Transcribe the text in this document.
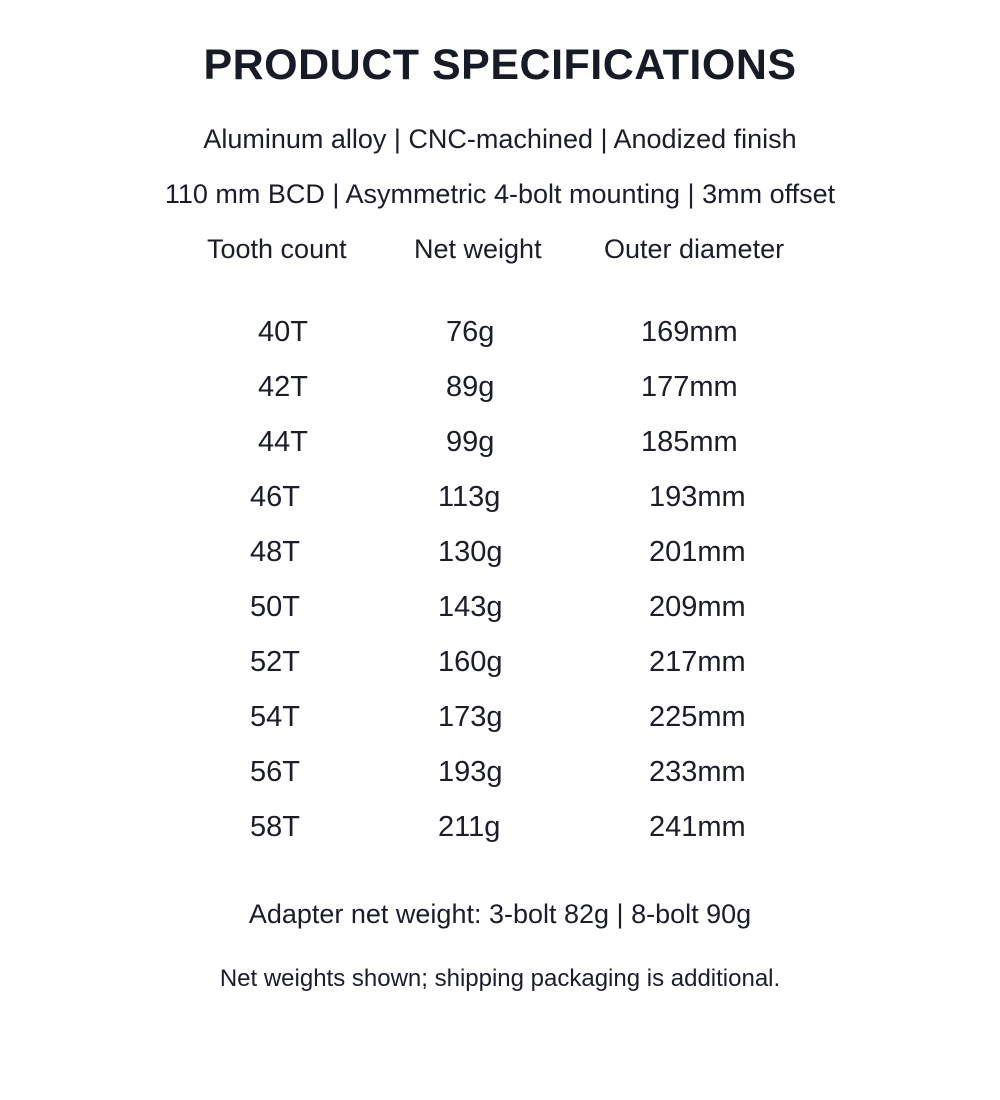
PRODUCT SPECIFICATIONS
Aluminum alloy | CNC-machined | Anodized finish
110 mm BCD | Asymmetric 4-bolt mounting | 3mm offset
Tooth count Net weight Outer diameter
40T	76g	169mm
42T	89g	177mm
44T	99g	185mm
46T	113g	193mm
48T	130g	201mm
50T	143g	209mm
52T	160g	217mm
54T	173g	225mm
56T	193g	233mm
58T	211g	241mm
Adapter net weight: 3-bolt 82g | 8-bolt 90g
Net weights shown; shipping packaging is additional.
